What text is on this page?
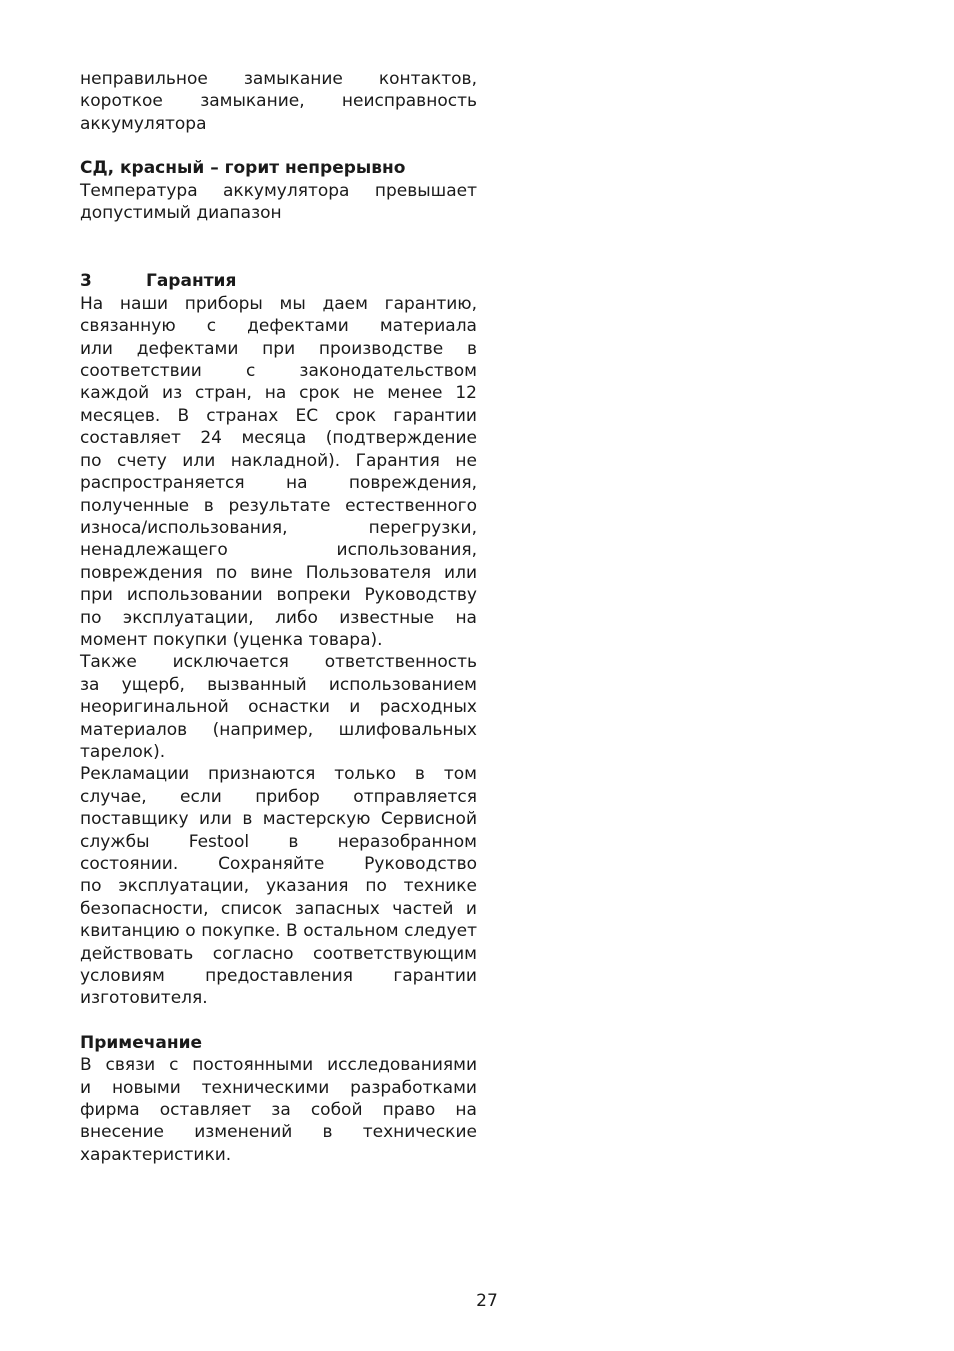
неправильное замыкание контактов,
короткое замыкание, неисправность
аккумулятора

СД, красный – горит непрерывно

Температура аккумулятора превышает
допустимый диапазон

3	Гарантия

На наши приборы мы даем гарантию,
связанную с дефектами материала
или дефектами при производстве в
соответствии	с	законодательством
каждой из стран, на срок не менее 12
месяцев. В странах ЕС срок гарантии
составляет 24 месяца (подтверждение
по счету или накладной). Гарантия не
распространяется на повреждения,
полученные в результате естественного
износа/использования,	перегрузки,
ненадлежащего	использования,
повреждения по вине Пользователя или
при использовании вопреки Руководству
по эксплуатации, либо известные на
момент покупки (уценка товара).
Также исключается ответственность
за ущерб, вызванный использованием
неоригинальной оснастки и расходных
материалов (например, шлифовальных
тарелок).
Рекламации признаются только в том
случае, если прибор отправляется
поставщику или в мастерскую Сервисной
службы Festool в неразобранном
состоянии. Сохраняйте Руководство
по эксплуатации, указания по технике
безопасности, список запасных частей и
квитанцию о покупке. В остальном следует
действовать согласно соответствующим
условиям предоставления гарантии
изготовителя.

Примечание

В связи с постоянными исследованиями
и новыми техническими разработками
фирма оставляет за собой право на
внесение изменений в технические
характеристики.
27
